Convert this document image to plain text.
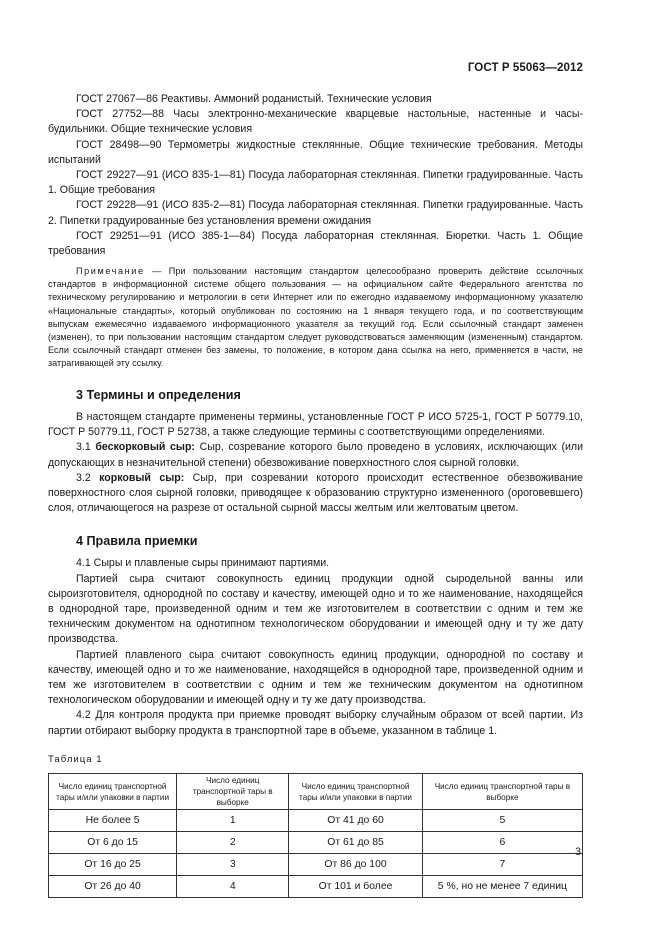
ГОСТ Р 55063—2012

ГОСТ 27067—86 Реактивы. Аммоний роданистый. Технические условия

ГОСТ 27752—88 Часы электронно-механические кварцевые настольные, настенные и часы-будильники. Общие технические условия

ГОСТ 28498—90 Термометры жидкостные стеклянные. Общие технические требования. Методы испытаний

ГОСТ 29227—91 (ИСО 835-1—81) Посуда лабораторная стеклянная. Пипетки градуированные. Часть 1. Общие требования

ГОСТ 29228—91 (ИСО 835-2—81) Посуда лабораторная стеклянная. Пипетки градуированные. Часть 2. Пипетки градуированные без установления времени ожидания

ГОСТ 29251—91 (ИСО 385-1—84) Посуда лабораторная стеклянная. Бюретки. Часть 1. Общие требования

Примечание — При пользовании настоящим стандартом целесообразно проверить действие ссылочных стандартов в информационной системе общего пользования — на официальном сайте Федерального агентства по техническому регулированию и метрологии в сети Интернет или по ежегодно издаваемому информационному указателю «Национальные стандарты», который опубликован по состоянию на 1 января текущего года, и по соответствующим выпускам ежемесячно издаваемого информационного указателя за текущий год. Если ссылочный стандарт заменен (изменен), то при пользовании настоящим стандартом следует руководствоваться заменяющим (измененным) стандартом. Если ссылочный стандарт отменен без замены, то положение, в котором дана ссылка на него, применяется в части, не затрагивающей эту ссылку.

3 Термины и определения

В настоящем стандарте применены термины, установленные ГОСТ Р ИСО 5725-1, ГОСТ Р 50779.10, ГОСТ Р 50779.11, ГОСТ Р 52738, а также следующие термины с соответствующими определениями.

3.1 бескорковый сыр: Сыр, созревание которого было проведено в условиях, исключающих (или допускающих в незначительной степени) обезвоживание поверхностного слоя сырной головки.

3.2 корковый сыр: Сыр, при созревании которого происходит естественное обезвоживание поверхностного слоя сырной головки, приводящее к образованию структурно измененного (ороговевшего) слоя, отличающегося на разрезе от остальной сырной массы желтым или желтоватым цветом.

4 Правила приемки

4.1 Сыры и плавленые сыры принимают партиями.

Партией сыра считают совокупность единиц продукции одной сыродельной ванны или сыроизготовителя, однородной по составу и качеству, имеющей одно и то же наименование, находящейся в однородной таре, произведенной одним и тем же изготовителем в соответствии с одним и тем же техническим документом на однотипном технологическом оборудовании и имеющей одну и ту же дату производства.

Партией плавленого сыра считают совокупность единиц продукции, однородной по составу и качеству, имеющей одно и то же наименование, находящейся в однородной таре, произведенной одним и тем же изготовителем в соответствии с одним и тем же техническим документом на однотипном технологическом оборудовании и имеющей одну и ту же дату производства.

4.2 Для контроля продукта при приемке проводят выборку случайным образом от всей партии. Из партии отбирают выборку продукта в транспортной таре в объеме, указанном в таблице 1.

Таблица 1

Число единиц транспортной тары и/или упаковки в партии	Число единиц транспортной тары в выборке	Число единиц транспортной тары и/или упаковки в партии	Число единиц транспортной тары в выборке
Не более 5	1	От 41 до 60	5
От 6 до 15	2	От 61 до 85	6
От 16 до 25	3	От 86 до 100	7
От 26 до 40	4	От 101 и более	5 %, но не менее 7 единиц
3
